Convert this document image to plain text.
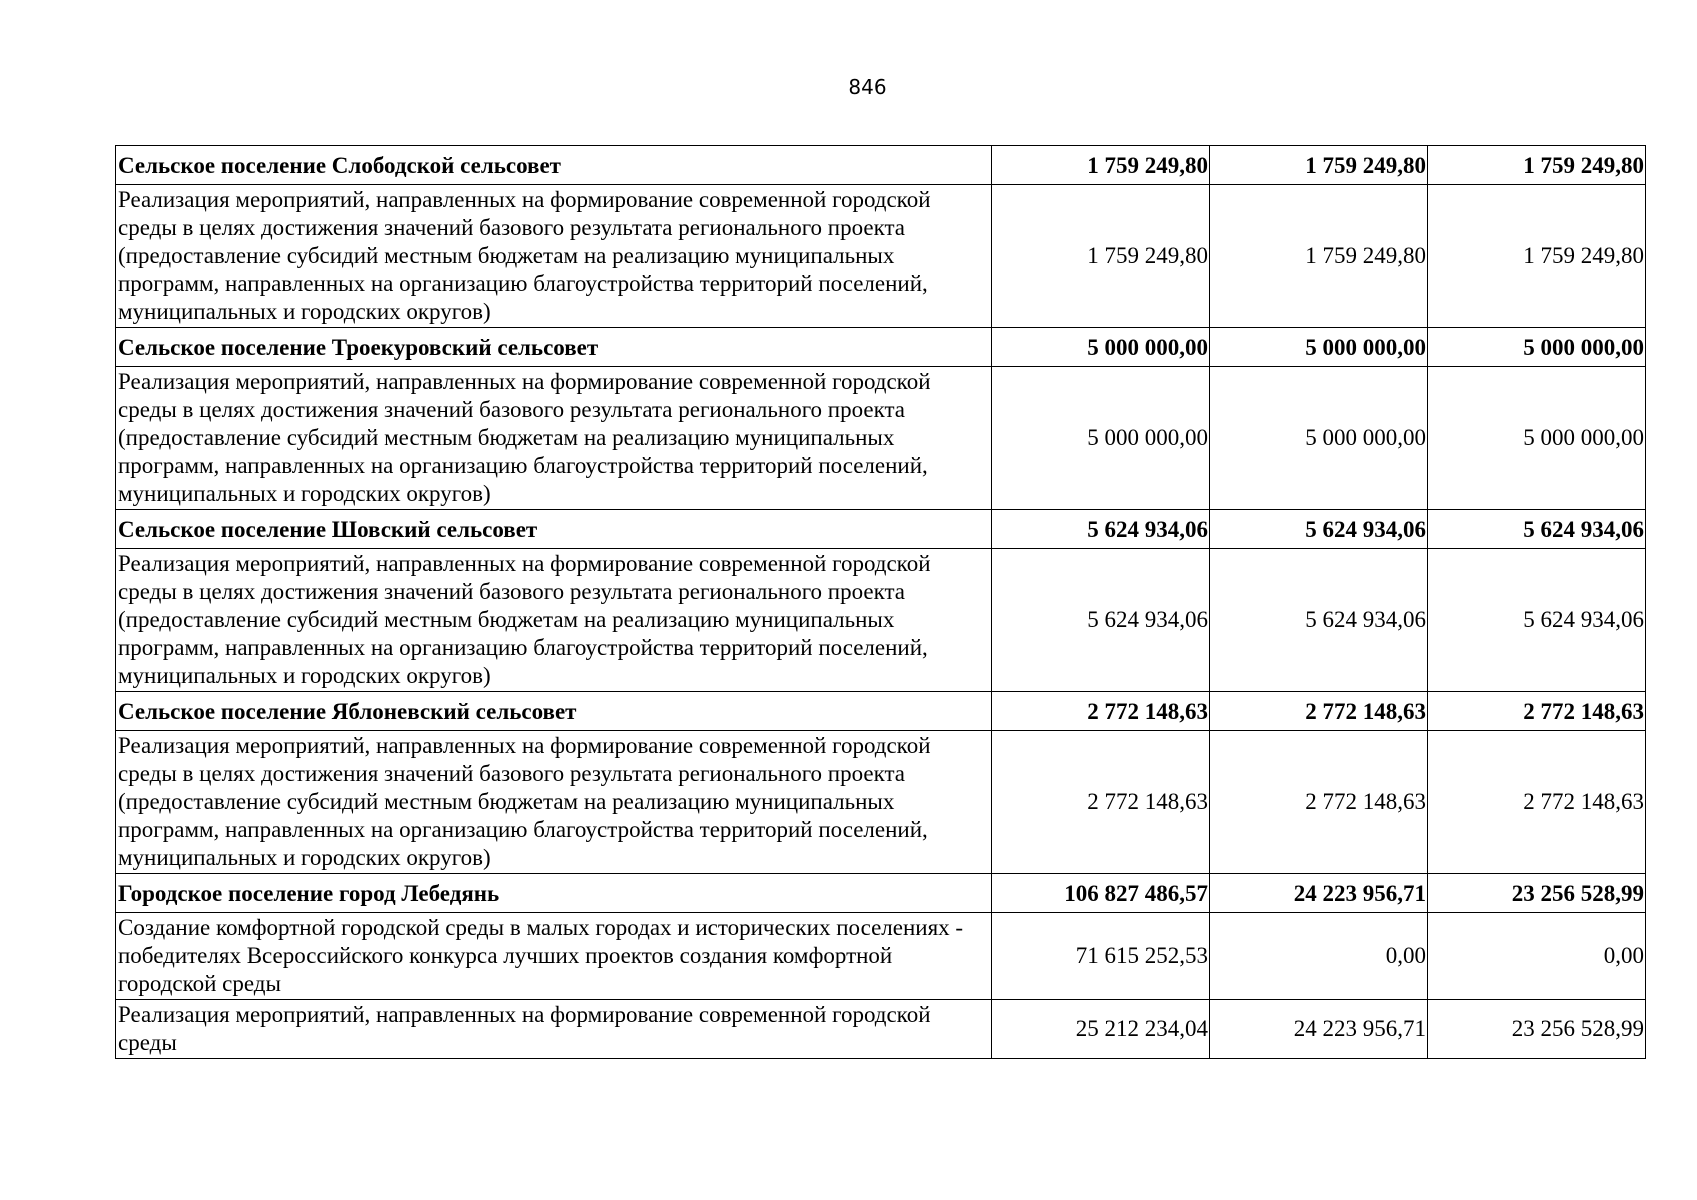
846
Сельское поселение Слободской сельсовет	1 759 249,80	1 759 249,80	1 759 249,80
Реализация мероприятий, направленных на формирование современной городской среды в целях достижения значений базового результата регионального проекта (предоставление субсидий местным бюджетам на реализацию муниципальных программ, направленных на организацию благоустройства территорий поселений, муниципальных и городских округов)	1 759 249,80	1 759 249,80	1 759 249,80
Сельское поселение Троекуровский сельсовет	5 000 000,00	5 000 000,00	5 000 000,00
Реализация мероприятий, направленных на формирование современной городской среды в целях достижения значений базового результата регионального проекта (предоставление субсидий местным бюджетам на реализацию муниципальных программ, направленных на организацию благоустройства территорий поселений, муниципальных и городских округов)	5 000 000,00	5 000 000,00	5 000 000,00
Сельское поселение Шовский сельсовет	5 624 934,06	5 624 934,06	5 624 934,06
Реализация мероприятий, направленных на формирование современной городской среды в целях достижения значений базового результата регионального проекта (предоставление субсидий местным бюджетам на реализацию муниципальных программ, направленных на организацию благоустройства территорий поселений, муниципальных и городских округов)	5 624 934,06	5 624 934,06	5 624 934,06
Сельское поселение Яблоневский сельсовет	2 772 148,63	2 772 148,63	2 772 148,63
Реализация мероприятий, направленных на формирование современной городской среды в целях достижения значений базового результата регионального проекта (предоставление субсидий местным бюджетам на реализацию муниципальных программ, направленных на организацию благоустройства территорий поселений, муниципальных и городских округов)	2 772 148,63	2 772 148,63	2 772 148,63
Городское поселение город Лебедянь	106 827 486,57	24 223 956,71	23 256 528,99
Создание комфортной городской среды в малых городах и исторических поселениях - победителях Всероссийского конкурса лучших проектов создания комфортной городской среды	71 615 252,53	0,00	0,00
Реализация мероприятий, направленных на формирование современной городской среды	25 212 234,04	24 223 956,71	23 256 528,99
